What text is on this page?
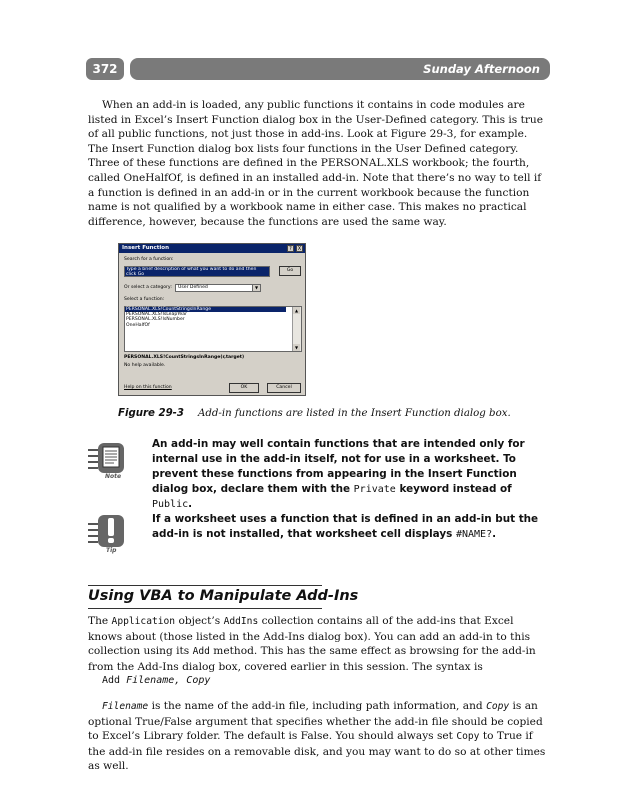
372	Sunday Afternoon

When an add-in is loaded, any public functions it contains in code modules are listed in Excel’s Insert Function dialog box in the User-Defined category. This is true of all public functions, not just those in add-ins. Look at Figure 29-3, for example. The Insert Function dialog box lists four functions in the User Defined category. Three of these functions are defined in the PERSONAL.XLS workbook; the fourth, called OneHalfOf, is defined in an installed add-in. Note that there’s no way to tell if a function is defined in an add-in or in the current workbook because the function name is not qualified by a workbook name in either case. This makes no practical difference, however, because the functions are used the same way.

Insert Function	?	X
Search for a function:
Type a brief description of what you want to do and then click Go
Go
Or select a category:	User Defined	▼
Select a function:
PERSONAL.XLS!CountStringsInRange
PERSONAL.XLS!IsLeapYear
PERSONAL.XLS!IsNumber
OneHalfOf
▲
▼
PERSONAL.XLS!CountStringsInRange(r,target)
No help available.
Help on this function	OK	Cancel
Figure 29-3 Add-in functions are listed in the Insert Function dialog box.
Note

An add-in may well contain functions that are intended only for internal use in the add-in itself, not for use in a worksheet. To prevent these functions from appearing in the Insert Function dialog box, declare them with the Private keyword instead of Public.

Tip

If a worksheet uses a function that is defined in an add-in but the add-in is not installed, that worksheet cell displays #NAME?.

Using VBA to Manipulate Add-Ins

The Application object’s AddIns collection contains all of the add-ins that Excel knows about (those listed in the Add-Ins dialog box). You can add an add-in to this collection using its Add method. This has the same effect as browsing for the add-in from the Add-Ins dialog box, covered earlier in this session. The syntax is

Add Filename, Copy

Filename is the name of the add-in file, including path information, and Copy is an optional True/False argument that specifies whether the add-in file should be copied to Excel’s Library folder. The default is False. You should always set Copy to True if the add-in file resides on a removable disk, and you may want to do so at other times as well.
